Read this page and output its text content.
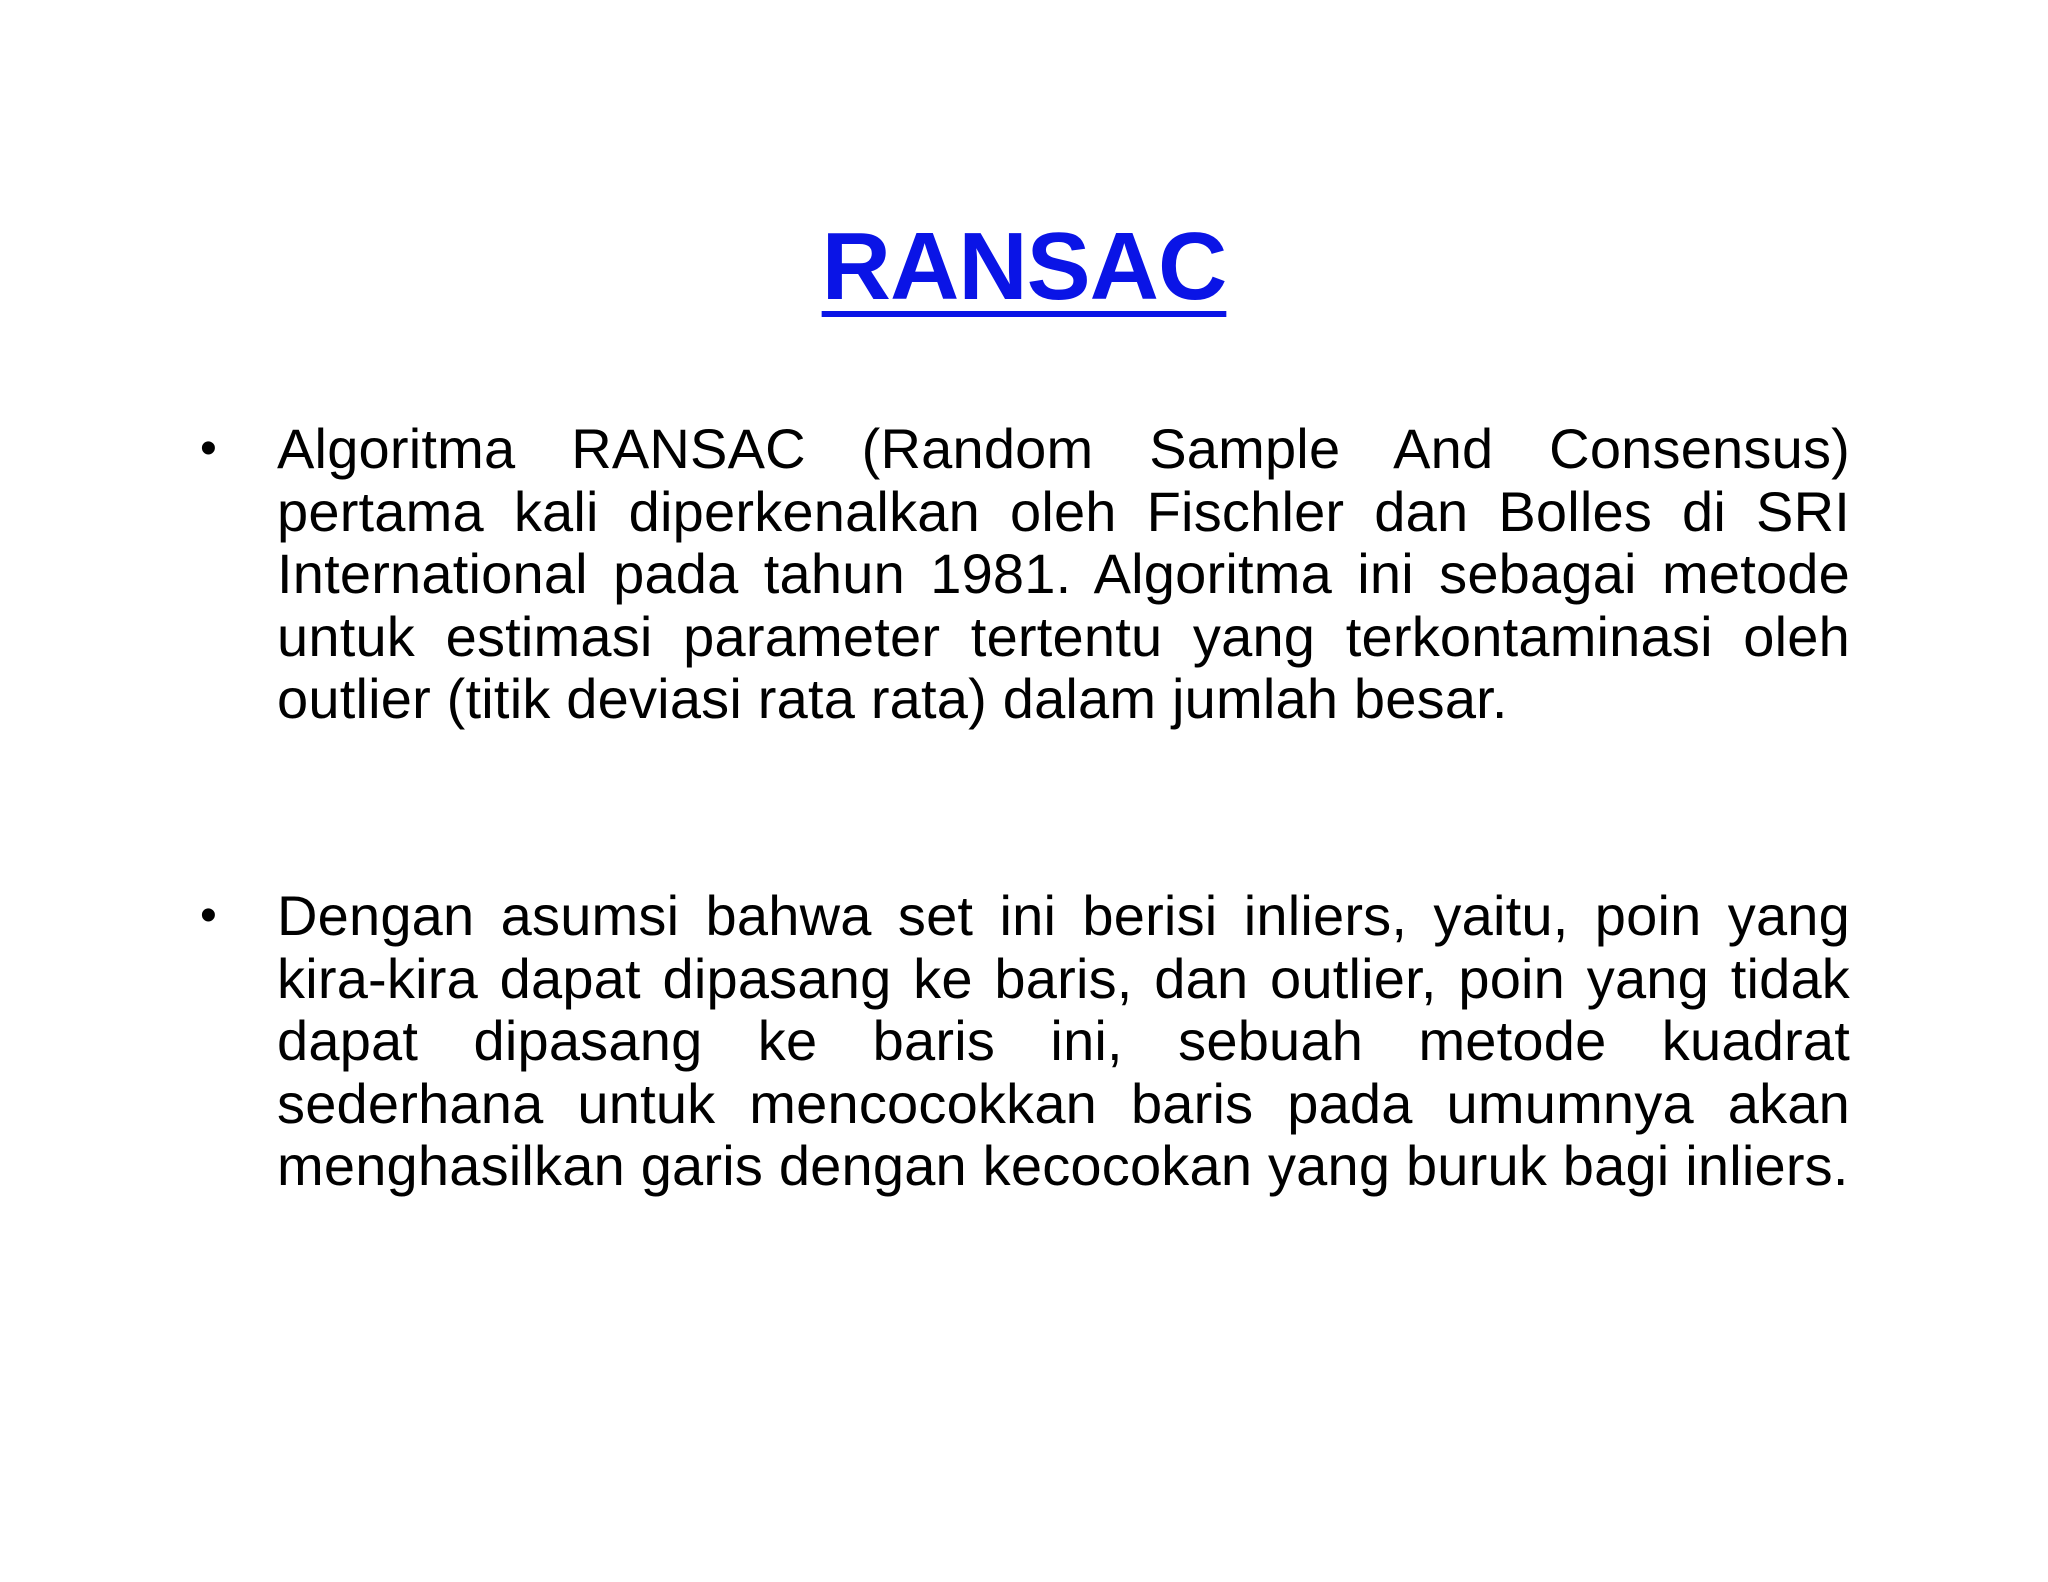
RANSAC
• Algoritma RANSAC (Random Sample And Consensus) pertama kali diperkenalkan oleh Fischler dan Bolles di SRI International pada tahun 1981. Algoritma ini sebagai metode untuk estimasi parameter tertentu yang terkontaminasi oleh outlier (titik deviasi rata rata) dalam jumlah besar.
• Dengan asumsi bahwa set ini berisi inliers, yaitu, poin yang kira-kira dapat dipasang ke baris, dan outlier, poin yang tidak dapat dipasang ke baris ini, sebuah metode kuadrat sederhana untuk mencocokkan baris pada umumnya akan menghasilkan garis dengan kecocokan yang buruk bagi inliers.
